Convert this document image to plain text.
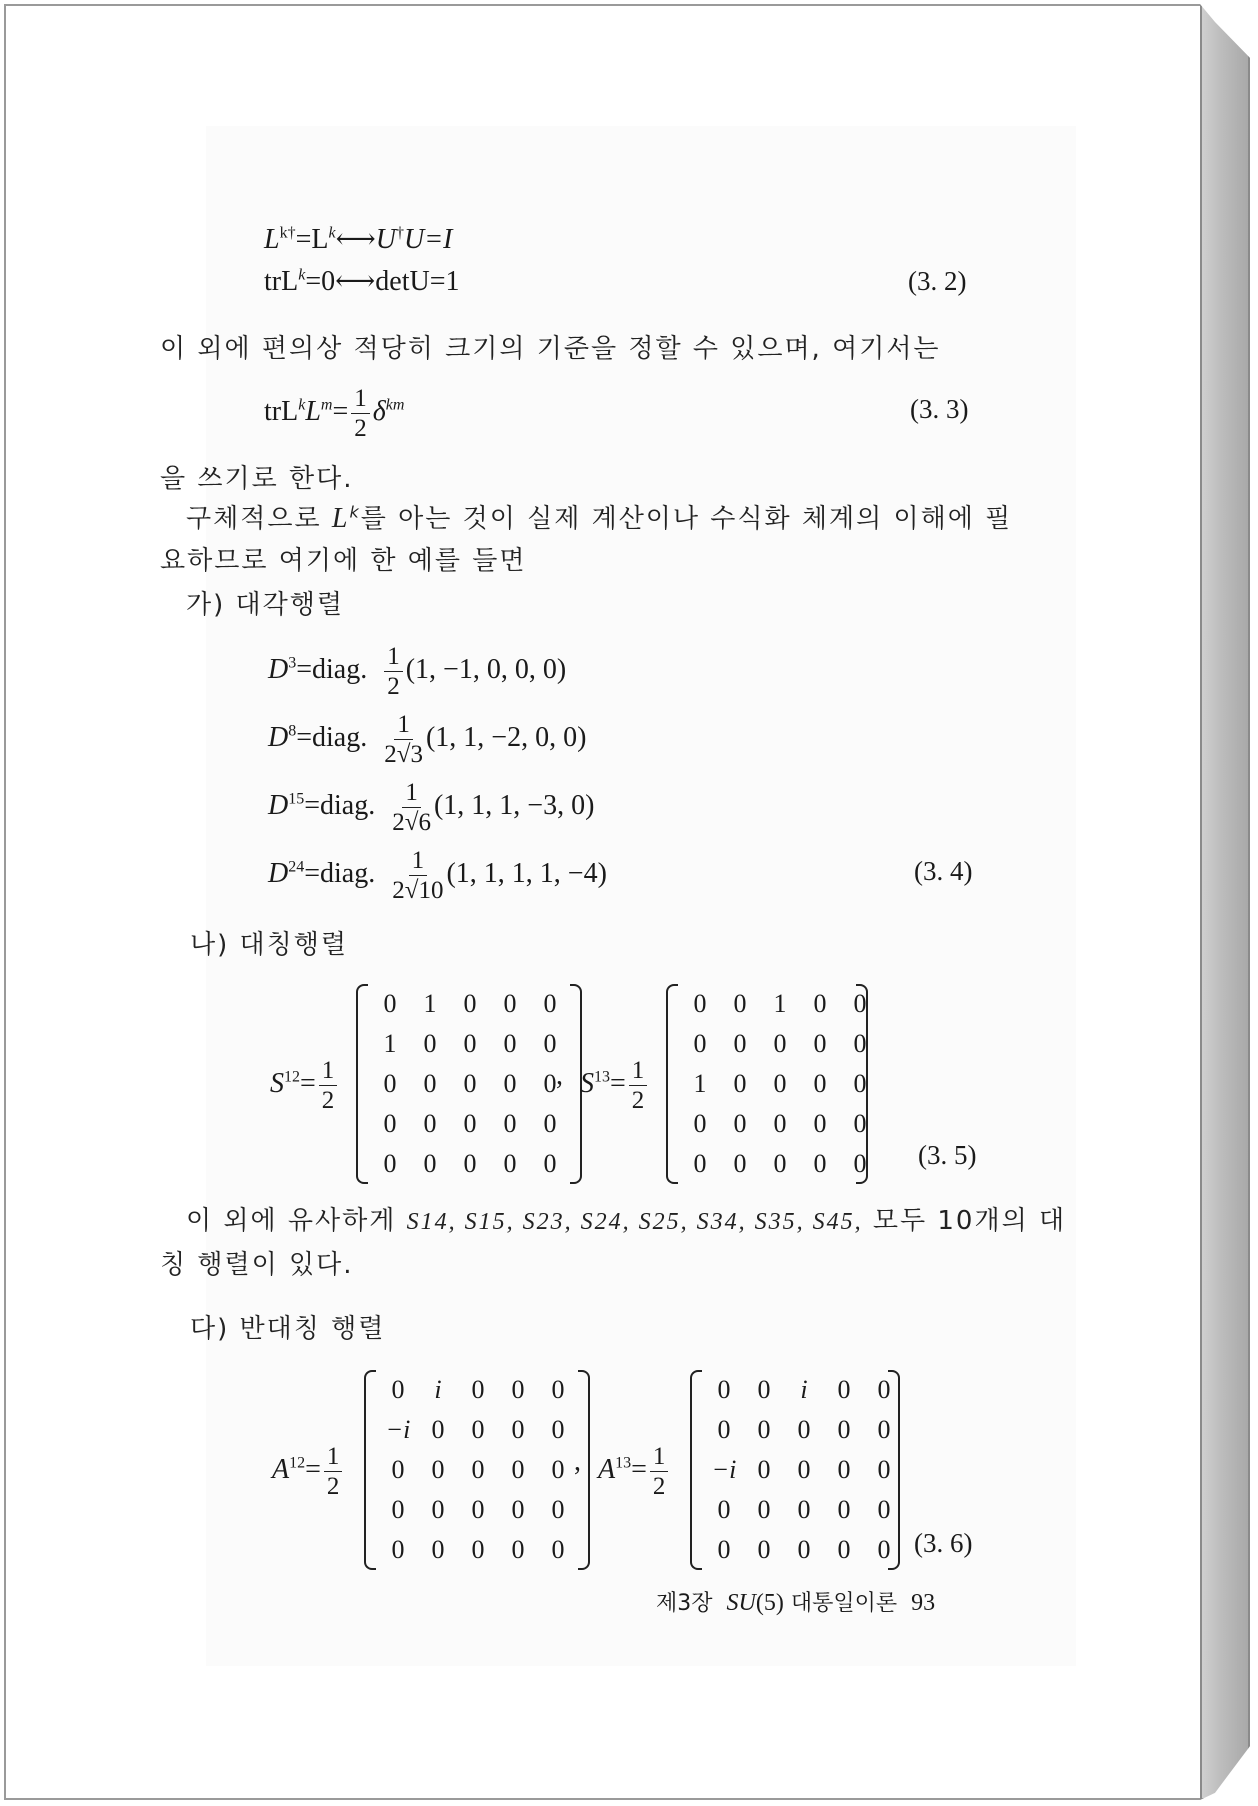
$L^{k\dagger}=L^k⟷U^\dagger U=I$
trL$^k$=0⟷detU=1	(3. 2)
이 외에 편의상 적당히 크기의 기준을 정할 수 있으며, 여기서는
$trL^kL^m= \frac{1}{2} \delta^{km}$	(3. 3)
을 쓰기로 한다.
구체적으로 $L^k$를 아는 것이 실제 계산이나 수식화 체계의 이해에 필
요하므로 여기에 한 예를 들면
가) 대각행렬
$D^3=diag$. $\frac{1}{2} (1$, −1, 0, 0, 0)
$D^8=diag$. $\frac{1}{2√3} (1$, 1, −2, 0, 0)
$D^{15}=diag$. $\frac{1}{2√6} (1$, 1, 1, −3, 0)
$D^{24}=diag$. $\frac{1}{2√10} (1$, 1, 1, 1, −4)	(3. 4)
나) 대칭행렬
$S^{12}= \frac{1}{2}$
0	1	0	0	0
1	0	0	0	0
0	0	0	0	0
0	0	0	0	0
0	0	0	0	0
, $S^{13}= \frac{1}{2}$
0	0	1	0	0
0	0	0	0	0
1	0	0	0	0
0	0	0	0	0
0	0	0	0	0	(3. 5)
이 외에 유사하게 S14, S15, S23, S24, S25, S34, S35, S45, 모두 10개의 대
칭 행렬이 있다.
다) 반대칭 행렬
$A^{12}= \frac{1}{2}$
0	i	0	0	0
−i 0	0	0	0
0	0	0	0	0
0	0	0	0	0
0	0	0	0	0
, $A^{13}= \frac{1}{2}$
0	0	i	0	0
0	0	0	0	0
−i 0	0	0	0
0	0	0	0	0
0	0	0	0	0 (3. 6)
제3장 SU(5) 대통일이론 93
